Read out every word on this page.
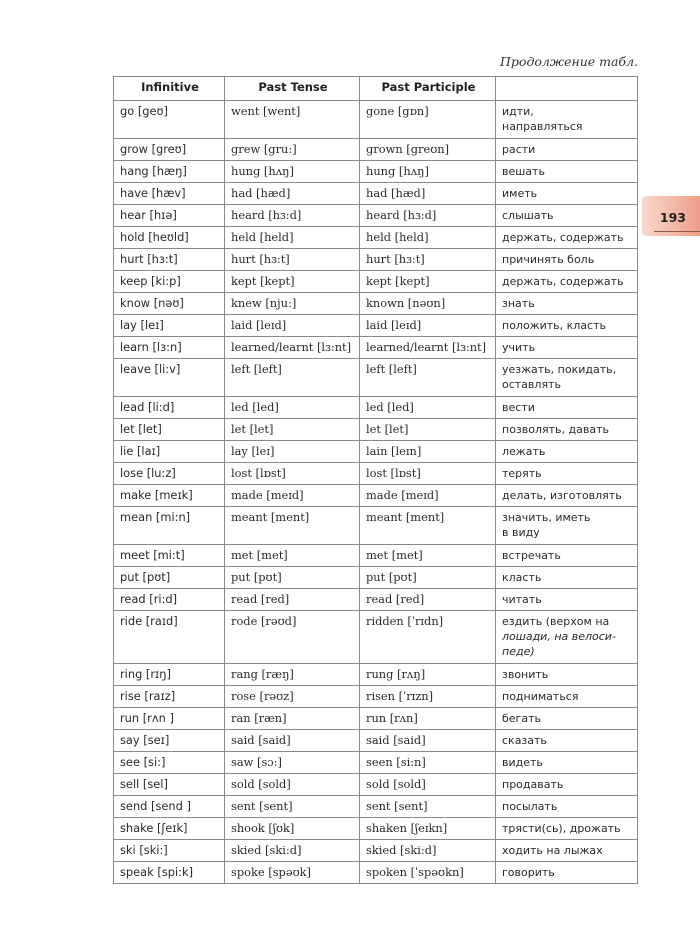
Продолжение табл.
193
Infinitive	Past Tense	Past Participle	
go [geʊ]	went [went]	gone [gɒn]	идти,
направляться

grow [greʊ]	grew [gru:]	grown [greʊn]	расти

hang [hæŋ]	hung [hʌŋ]	hung [hʌŋ]	вешать

have [hæv]	had [hæd]	had [hæd]	иметь

hear [hɪə]	heard [hɜ:d]	heard [hɜ:d]	слышать

hold [heʊld]	held [held]	held [held]	держать, содержать

hurt [hɜ:t]	hurt [hɜ:t]	hurt [hɜ:t]	причинять боль

keep [ki:p]	kept [kept]	kept [kept]	держать, содержать

know [nəʊ]	knew [nju:]	known [nəʊn]	знать

lay [leɪ]	laid [leɪd]	laid [leɪd]	положить, класть

learn [lɜ:n]	learned/learnt [lɜ:nt]	learned/learnt [lɜ:nt]	учить

leave [li:v]	left [left]	left [left]	уезжать, покидать,
оставлять

lead [li:d]	led [led]	led [led]	вести

let [let]	let [let]	let [let]	позволять, давать

lie [laɪ]	lay [leɪ]	lain [leɪn]	лежать

lose [lu:z]	lost [lɒst]	lost [lɒst]	терять

make [meɪk]	made [meɪd]	made [meɪd]	делать, изготовлять

mean [mi:n]	meant [ment]	meant [ment]	значить, иметь
в виду

meet [mi:t]	met [met]	met [met]	встречать

put [pʊt]	put [pʊt]	put [pʊt]	класть

read [ri:d]	read [red]	read [red]	читать

ride [raɪd]	rode [rəʊd]	ridden [ˈrɪdn]	ездить (верхом на
лошади, на велоси-
педе)

ring [rɪŋ]	rang [ræŋ]	rung [rʌŋ]	звонить

rise [raɪz]	rose [rəʊz]	risen [ˈrɪzn]	подниматься

run [rʌn ]	ran [ræn]	run [rʌn]	бегать

say [seɪ]	said [said]	said [said]	сказать

see [si:]	saw [sɔ:]	seen [si:n]	видеть

sell [sel]	sold [sold]	sold [sold]	продавать

send [send ]	sent [sent]	sent [sent]	посылать

shake [ʃeɪk]	shook [ʃʊk]	shaken [ʃeɪkn]	трясти(сь), дрожать

ski [ski:]	skied [ski:d]	skied [ski:d]	ходить на лыжах

speak [spi:k]	spoke [spəʊk]	spoken [ˈspəʊkn]	говорить
